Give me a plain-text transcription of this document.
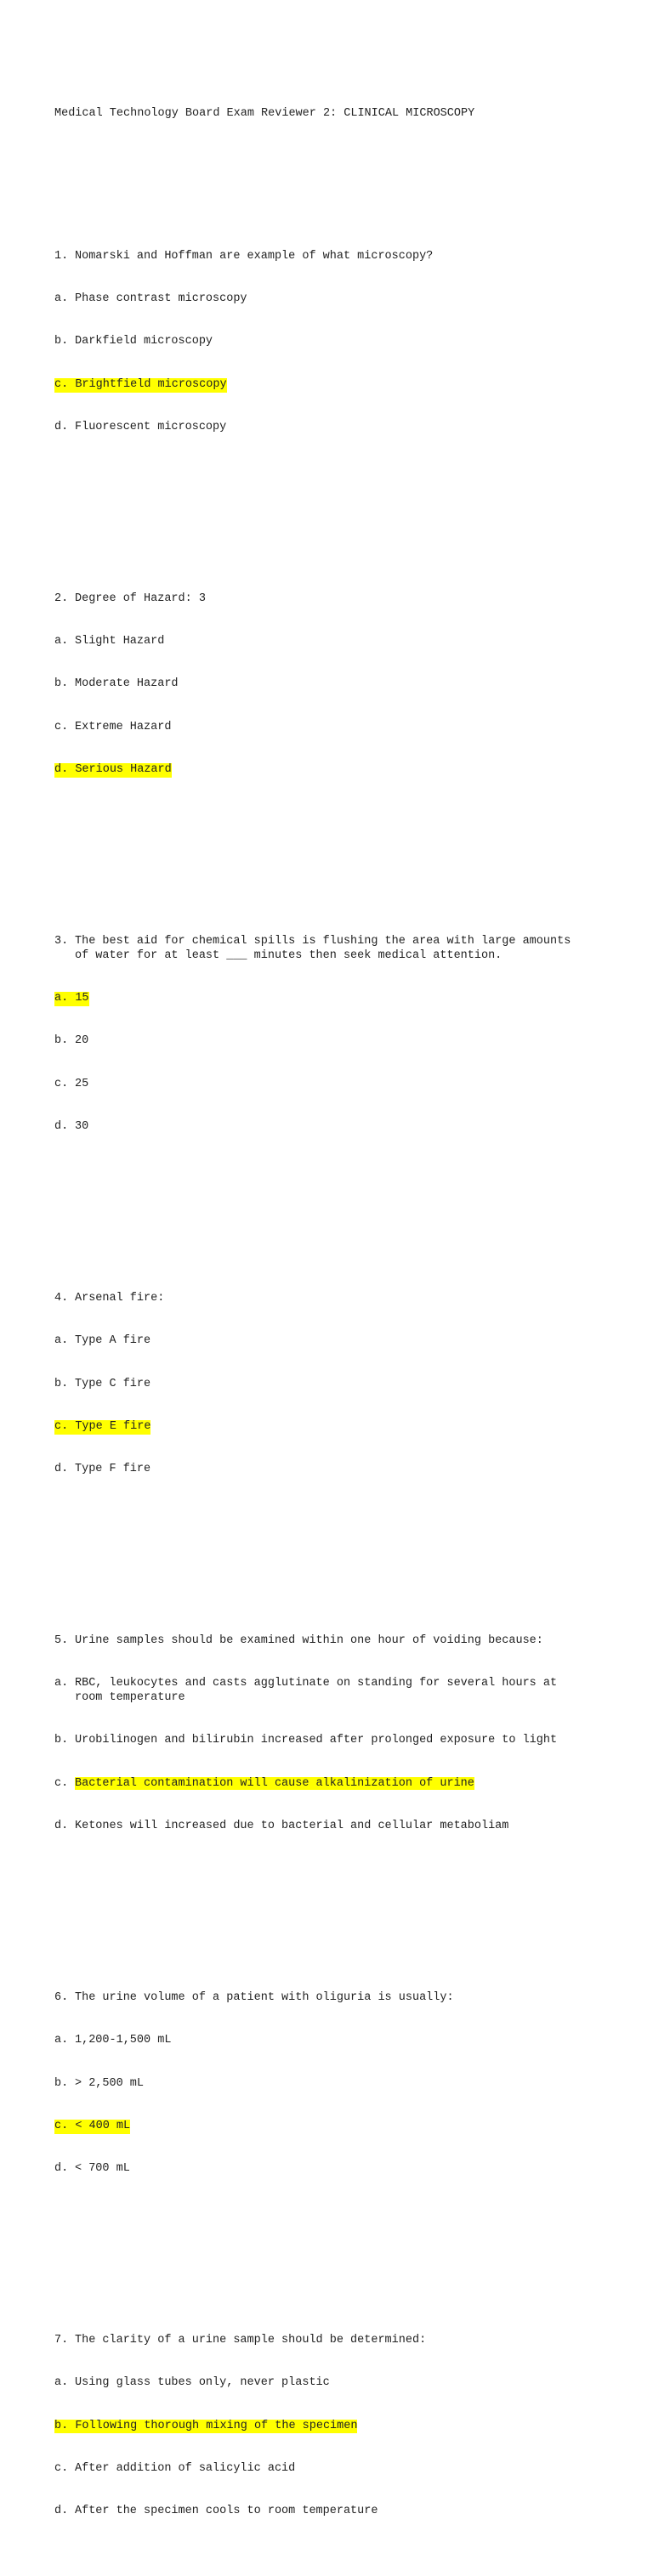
Medical Technology Board Exam Reviewer 2: CLINICAL MICROSCOPY

1. Nomarski and Hoffman are example of what microscopy?

a. Phase contrast microscopy

b. Darkfield microscopy

c. Brightfield microscopy

d. Fluorescent microscopy

2. Degree of Hazard: 3

a. Slight Hazard

b. Moderate Hazard

c. Extreme Hazard

d. Serious Hazard

3. The best aid for chemical spills is flushing the area with large amounts of water for at least ___ minutes then seek medical attention.

a. 15

b. 20

c. 25

d. 30

4. Arsenal fire:

a. Type A fire

b. Type C fire

c. Type E fire

d. Type F fire

5. Urine samples should be examined within one hour of voiding because:

a. RBC, leukocytes and casts agglutinate on standing for several hours at room temperature

b. Urobilinogen and bilirubin increased after prolonged exposure to light

c. Bacterial contamination will cause alkalinization of urine

d. Ketones will increased due to bacterial and cellular metaboliam

6. The urine volume of a patient with oliguria is usually:

a. 1,200-1,500 mL

b. > 2,500 mL

c. < 400 mL

d. < 700 mL

7. The clarity of a urine sample should be determined:

a. Using glass tubes only, never plastic

b. Following thorough mixing of the specimen

c. After addition of salicylic acid

d. After the specimen cools to room temperature
